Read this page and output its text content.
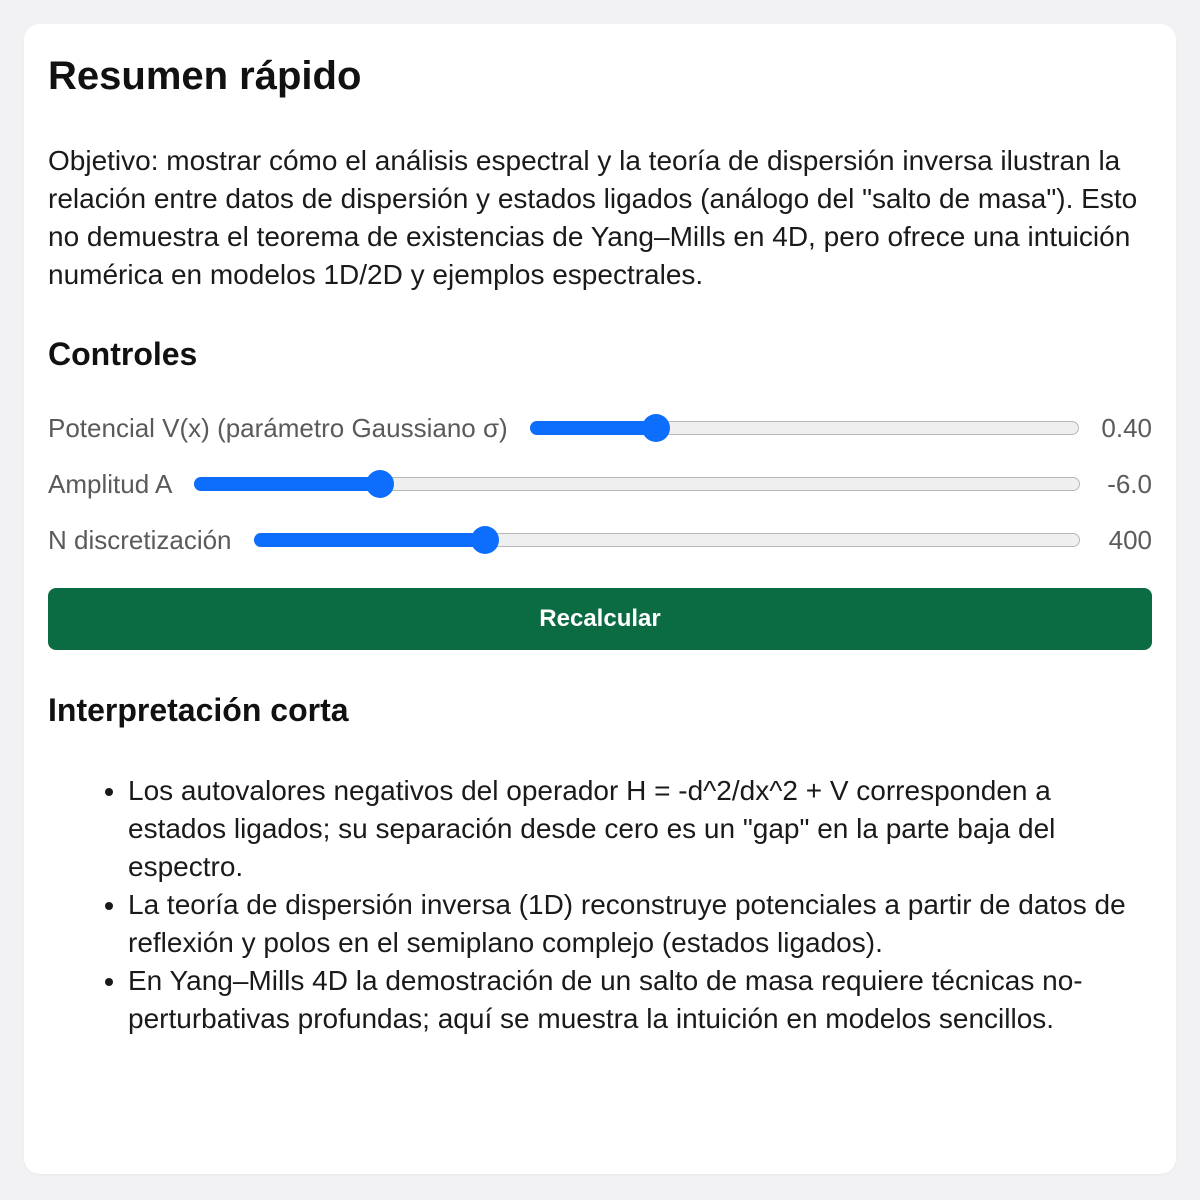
Resumen rápido

Objetivo: mostrar cómo el análisis espectral y la teoría de dispersión inversa ilustran la relación entre datos de dispersión y estados ligados (análogo del "salto de masa"). Esto no demuestra el teorema de existencias de Yang–Mills en 4D, pero ofrece una intuición numérica en modelos 1D/2D y ejemplos espectrales.

Controles
Potencial V(x) (parámetro Gaussiano σ)	0.40
Amplitud A	-6.0
N discretización	400
Recalcular
Interpretación corta
• Los autovalores negativos del operador H = -d^2/dx^2 + V corresponden a estados ligados; su separación desde cero es un "gap" en la parte baja del espectro.
• La teoría de dispersión inversa (1D) reconstruye potenciales a partir de datos de reflexión y polos en el semiplano complejo (estados ligados).
• En Yang–Mills 4D la demostración de un salto de masa requiere técnicas no-perturbativas profundas; aquí se muestra la intuición en modelos sencillos.
